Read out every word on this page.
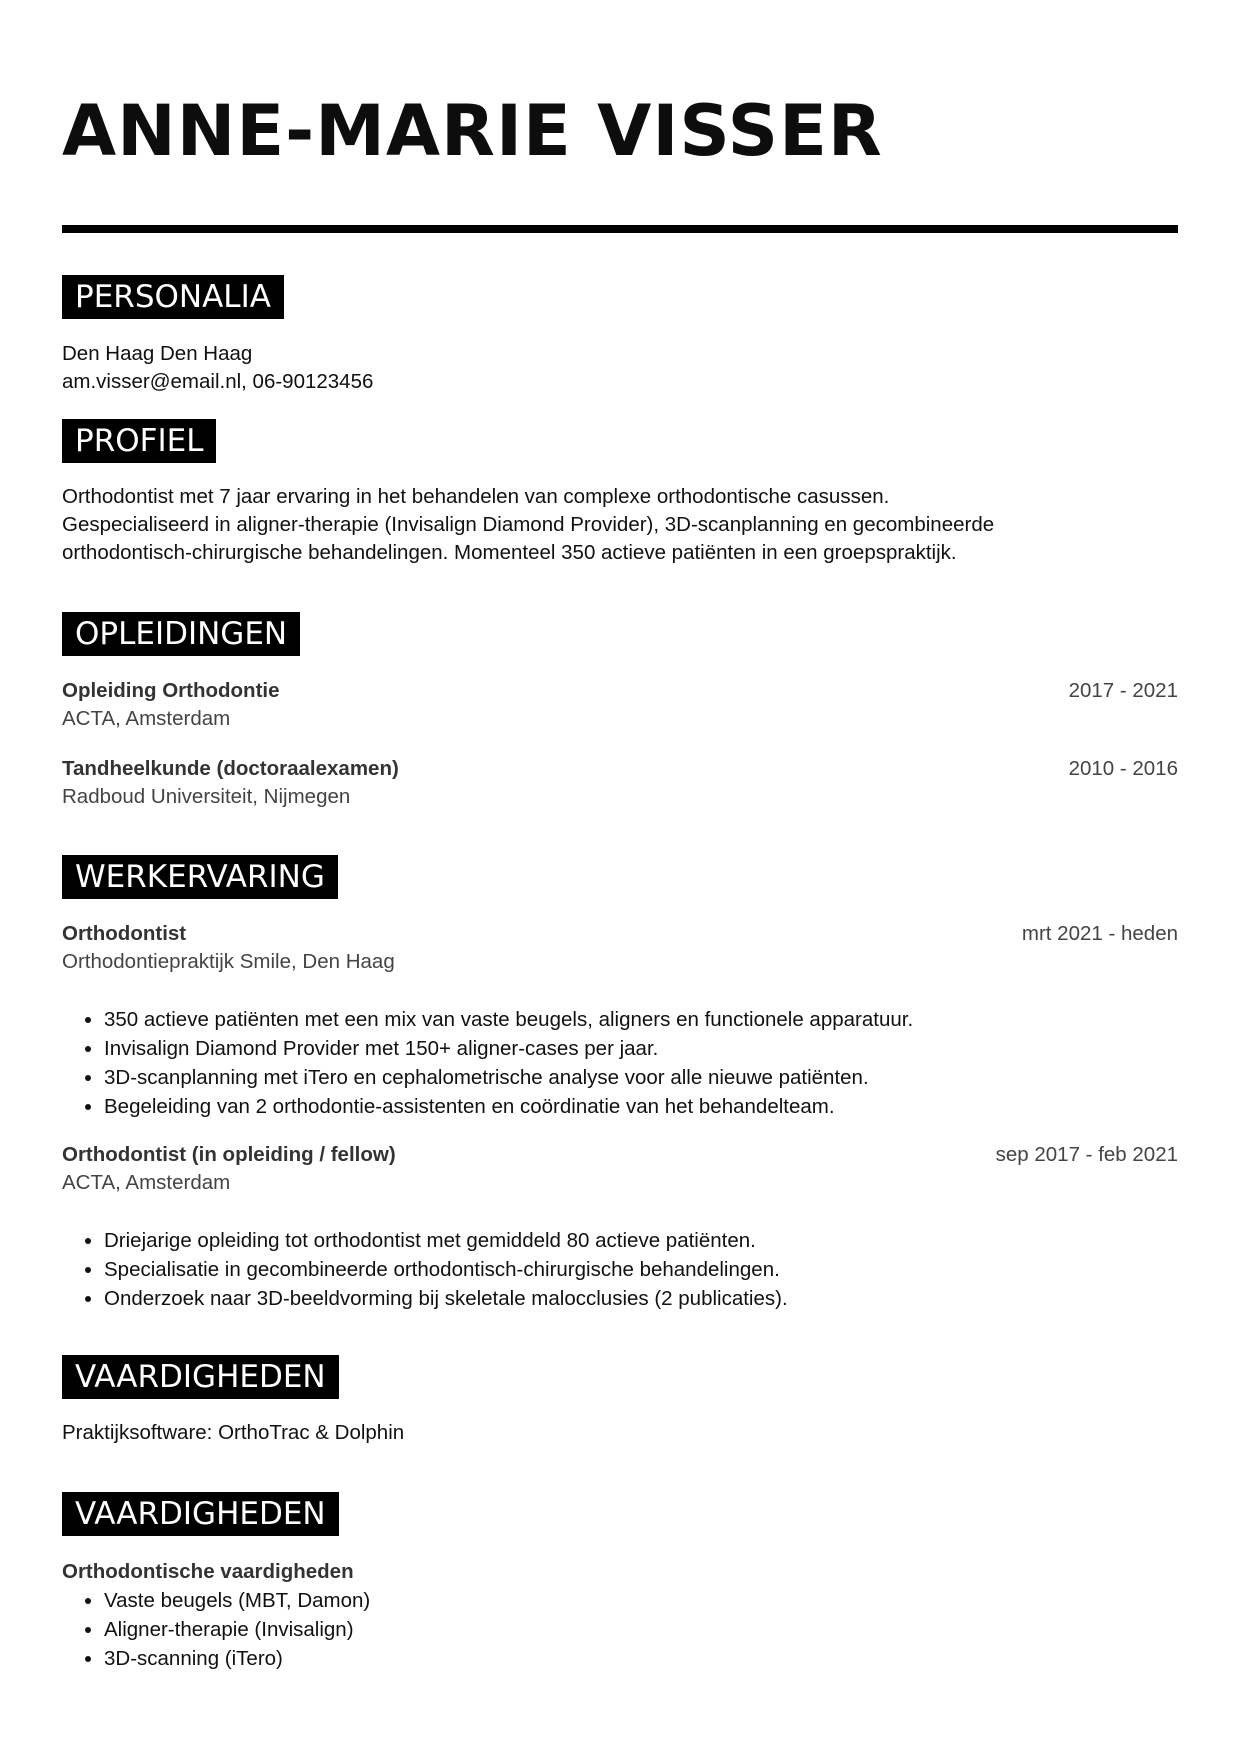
ANNE-MARIE VISSER
PERSONALIA

Den Haag Den Haag

am.visser@email.nl, 06-90123456

PROFIEL
Orthodontist met 7 jaar ervaring in het behandelen van complexe orthodontische casussen.
Gespecialiseerd in aligner-therapie (Invisalign Diamond Provider), 3D-scanplanning en gecombineerde
orthodontisch-chirurgische behandelingen. Momenteel 350 actieve patiënten in een groepspraktijk.
OPLEIDINGEN
Opleiding Orthodontie
ACTA, Amsterdam
2017 - 2021
Tandheelkunde (doctoraalexamen)
Radboud Universiteit, Nijmegen
2010 - 2016
WERKERVARING
Orthodontist
Orthodontiepraktijk Smile, Den Haag
mrt 2021 - heden
• 350 actieve patiënten met een mix van vaste beugels, aligners en functionele apparatuur.
• Invisalign Diamond Provider met 150+ aligner-cases per jaar.
• 3D-scanplanning met iTero en cephalometrische analyse voor alle nieuwe patiënten.
• Begeleiding van 2 orthodontie-assistenten en coördinatie van het behandelteam.
Orthodontist (in opleiding / fellow)
ACTA, Amsterdam
sep 2017 - feb 2021
• Driejarige opleiding tot orthodontist met gemiddeld 80 actieve patiënten.
• Specialisatie in gecombineerde orthodontisch-chirurgische behandelingen.
• Onderzoek naar 3D-beeldvorming bij skeletale malocclusies (2 publicaties).
VAARDIGHEDEN

Praktijksoftware: OrthoTrac & Dolphin

VAARDIGHEDEN
Orthodontische vaardigheden
• Vaste beugels (MBT, Damon)
• Aligner-therapie (Invisalign)
• 3D-scanning (iTero)
